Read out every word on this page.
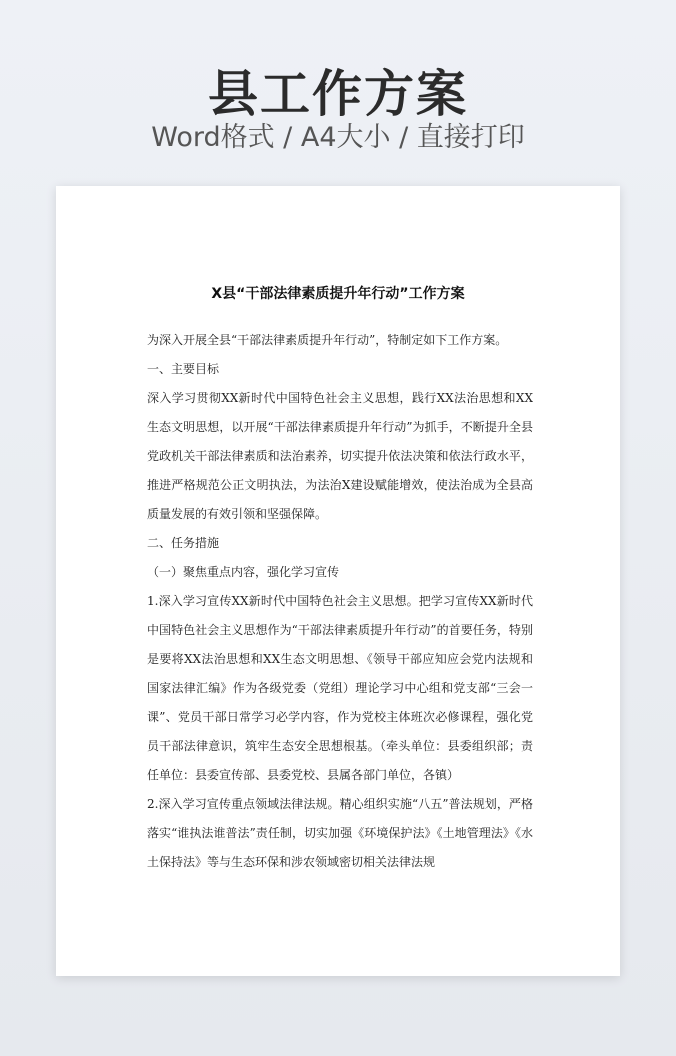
县工作方案
Word格式 / A4大小 / 直接打印
X县“干部法律素质提升年行动”工作方案

为深入开展全县“干部法律素质提升年行动”，特制定如下工作方案。

一、主要目标

深入学习贯彻XX新时代中国特色社会主义思想，践行XX法治思想和XX生态文明思想，以开展“干部法律素质提升年行动”为抓手，不断提升全县党政机关干部法律素质和法治素养，切实提升依法决策和依法行政水平，推进严格规范公正文明执法，为法治X建设赋能增效，使法治成为全县高质量发展的有效引领和坚强保障。

二、任务措施

（一）聚焦重点内容，强化学习宣传

1.深入学习宣传XX新时代中国特色社会主义思想。把学习宣传XX新时代中国特色社会主义思想作为“干部法律素质提升年行动”的首要任务，特别是要将XX法治思想和XX生态文明思想、《领导干部应知应会党内法规和国家法律汇编》作为各级党委（党组）理论学习中心组和党支部“三会一课”、党员干部日常学习必学内容，作为党校主体班次必修课程，强化党员干部法律意识，筑牢生态安全思想根基。（牵头单位：县委组织部；责任单位：县委宣传部、县委党校、县属各部门单位，各镇）

2.深入学习宣传重点领域法律法规。精心组织实施“八五”普法规划，严格落实“谁执法谁普法”责任制，切实加强《环境保护法》《土地管理法》《水土保持法》等与生态环保和涉农领域密切相关法律法规
